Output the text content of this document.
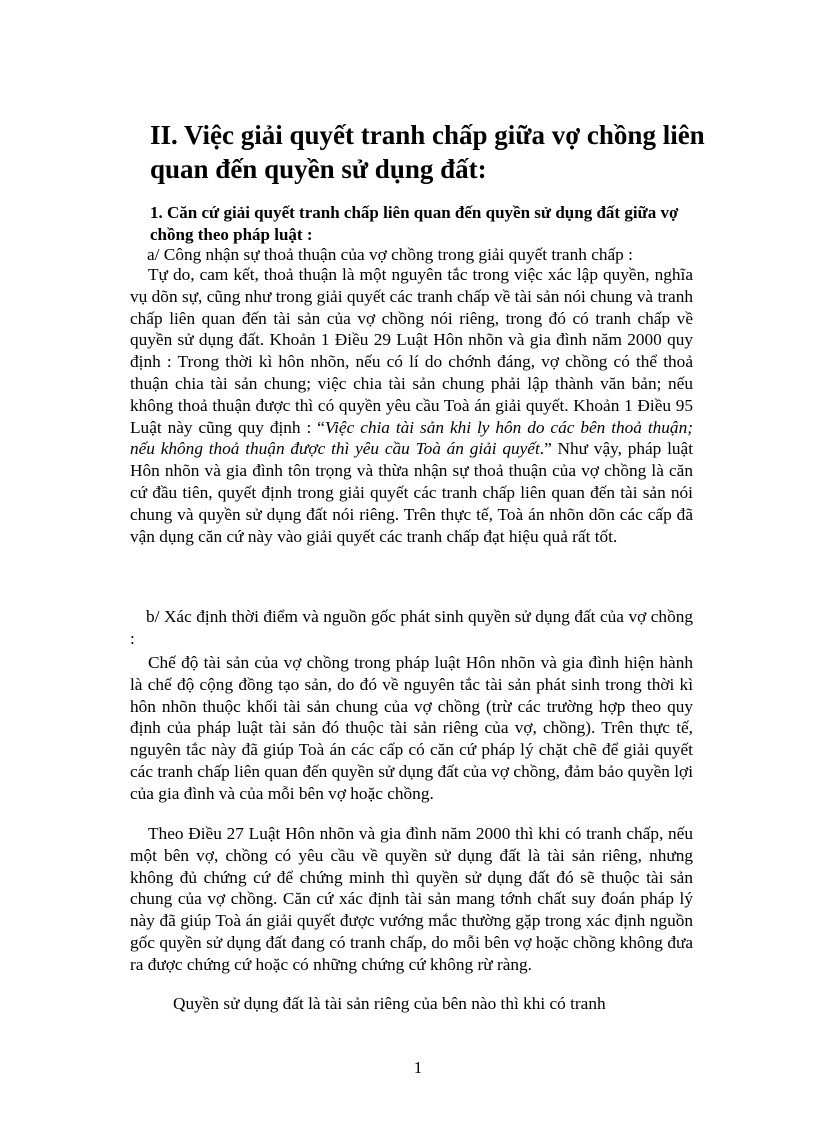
II. Việc giải quyết tranh chấp giữa vợ chồng liên quan đến quyền sử dụng đất:

1. Căn cứ giải quyết tranh chấp liên quan đến quyền sử dụng đất giữa vợ chồng theo pháp luật :

a/ Công nhận sự thoả thuận của vợ chồng trong giải quyết tranh chấp :

Tự do, cam kết, thoả thuận là một nguyên tắc trong việc xác lập quyền, nghĩa vụ dõn sự, cũng như trong giải quyết các tranh chấp về tài sản nói chung và tranh chấp liên quan đến tài sản của vợ chồng nói riêng, trong đó có tranh chấp về quyền sử dụng đất. Khoản 1 Điều 29 Luật Hôn nhõn và gia đình năm 2000 quy định : Trong thời kì hôn nhõn, nếu có lí do chớnh đáng, vợ chồng có thể thoả thuận chia tài sản chung; việc chia tài sản chung phải lập thành văn bản; nếu không thoả thuận được thì có quyền yêu cầu Toà án giải quyết. Khoản 1 Điều 95 Luật này cũng quy định : “Việc chia tài sản khi ly hôn do các bên thoả thuận; nếu không thoả thuận được thì yêu cầu Toà án giải quyết.” Như vậy, pháp luật Hôn nhõn và gia đình tôn trọng và thừa nhận sự thoả thuận của vợ chồng là căn cứ đầu tiên, quyết định trong giải quyết các tranh chấp liên quan đến tài sản nói chung và quyền sử dụng đất nói riêng. Trên thực tế, Toà án nhõn dõn các cấp đã vận dụng căn cứ này vào giải quyết các tranh chấp đạt hiệu quả rất tốt.

b/ Xác định thời điểm và nguồn gốc phát sinh quyền sử dụng đất của vợ chồng :

Chế độ tài sản của vợ chồng trong pháp luật Hôn nhõn và gia đình hiện hành là chế độ cộng đồng tạo sản, do đó về nguyên tắc tài sản phát sinh trong thời kì hôn nhõn thuộc khối tài sản chung của vợ chồng (trừ các trường hợp theo quy định của pháp luật tài sản đó thuộc tài sản riêng của vợ, chồng). Trên thực tế, nguyên tắc này đã giúp Toà án các cấp có căn cứ pháp lý chặt chẽ để giải quyết các tranh chấp liên quan đến quyền sử dụng đất của vợ chồng, đảm bảo quyền lợi của gia đình và của mỗi bên vợ hoặc chồng.

Theo Điều 27 Luật Hôn nhõn và gia đình năm 2000 thì khi có tranh chấp, nếu một bên vợ, chồng có yêu cầu về quyền sử dụng đất là tài sản riêng, nhưng không đủ chứng cứ để chứng minh thì quyền sử dụng đất đó sẽ thuộc tài sản chung của vợ chồng. Căn cứ xác định tài sản mang tớnh chất suy đoán pháp lý này đã giúp Toà án giải quyết được vướng mắc thường gặp trong xác định nguồn gốc quyền sử dụng đất đang có tranh chấp, do mỗi bên vợ hoặc chồng không đưa ra được chứng cứ hoặc có những chứng cứ không rừ ràng.

Quyền sử dụng đất là tài sản riêng của bên nào thì khi có tranh

1
